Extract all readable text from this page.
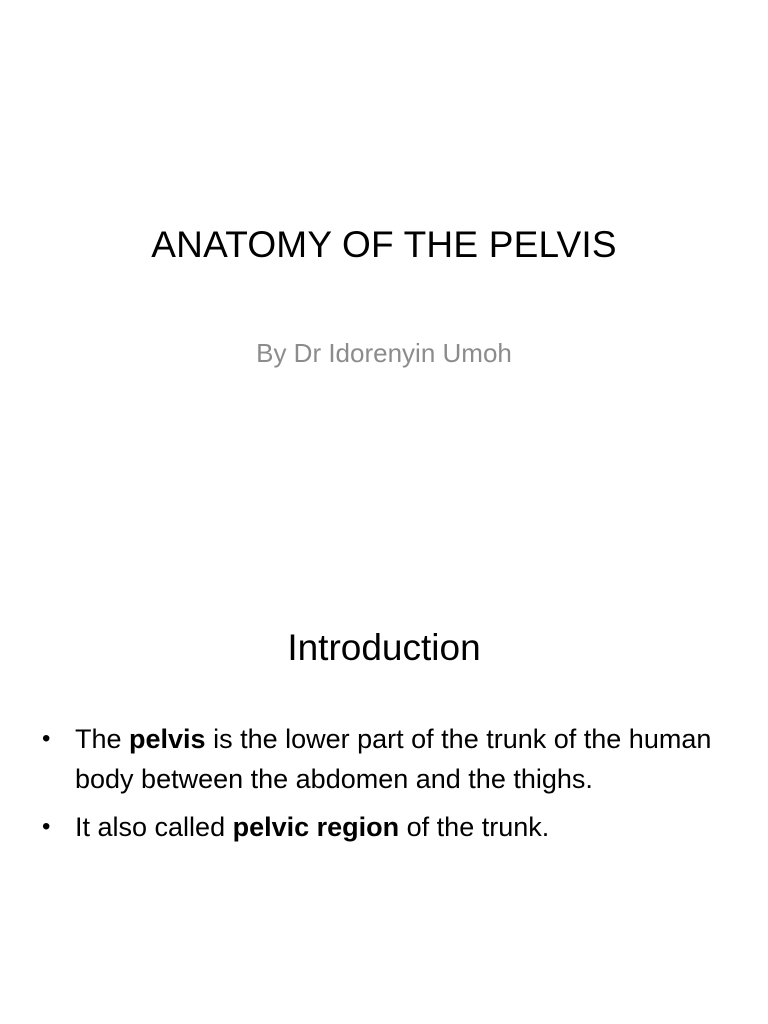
ANATOMY OF THE PELVIS
By Dr Idorenyin Umoh
Introduction
• The pelvis is the lower part of the trunk of the human body between the abdomen and the thighs.
• It also called pelvic region of the trunk.
